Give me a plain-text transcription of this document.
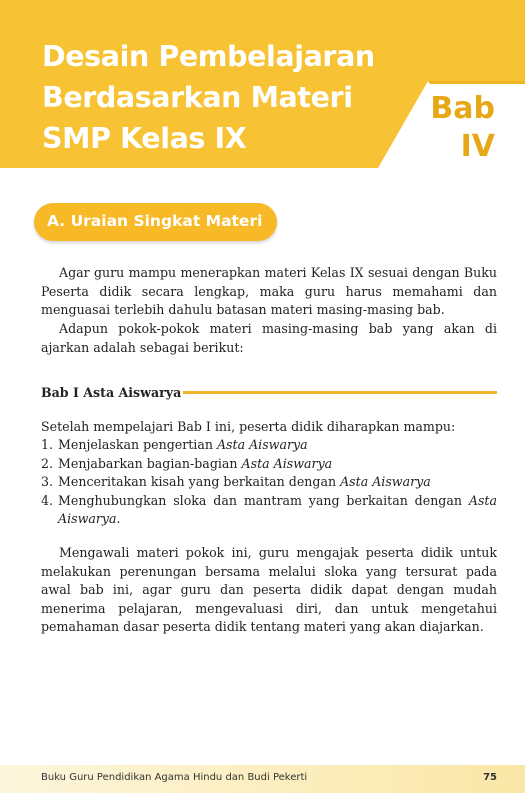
Desain Pembelajaran
Berdasarkan Materi
SMP Kelas IX
Bab
IV
A. Uraian Singkat Materi
Agar guru mampu menerapkan materi Kelas IX sesuai dengan Buku Peserta didik secara lengkap, maka guru harus memahami dan menguasai terlebih dahulu batasan materi masing-masing bab.
Adapun pokok-pokok materi masing-masing bab yang akan di ajarkan adalah sebagai berikut:
Bab I Asta Aiswarya
Setelah mempelajari Bab I ini, peserta didik diharapkan mampu:
1. Menjelaskan pengertian Asta Aiswarya
2. Menjabarkan bagian-bagian Asta Aiswarya
3. Menceritakan kisah yang berkaitan dengan Asta Aiswarya
4. Menghubungkan sloka dan mantram yang berkaitan dengan Asta Aiswarya.
Mengawali materi pokok ini, guru mengajak peserta didik untuk melakukan perenungan bersama melalui sloka yang tersurat pada awal bab ini, agar guru dan peserta didik dapat dengan mudah menerima pelajaran, mengevaluasi diri, dan untuk mengetahui pemahaman dasar peserta didik tentang materi yang akan diajarkan.
Buku Guru Pendidikan Agama Hindu dan Budi Pekerti	75
